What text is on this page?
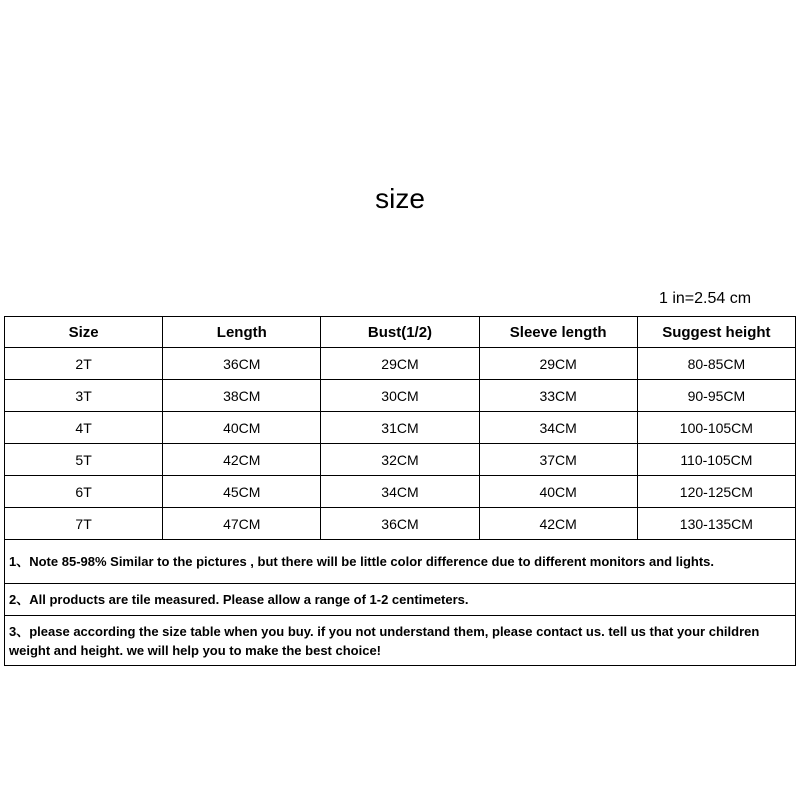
size
1 in=2.54 cm
Size	Length	Bust(1/2)	Sleeve length	Suggest height
2T	36CM	29CM	29CM	80-85CM
3T	38CM	30CM	33CM	90-95CM
4T	40CM	31CM	34CM	100-105CM
5T	42CM	32CM	37CM	110-105CM
6T	45CM	34CM	40CM	120-125CM
7T	47CM	36CM	42CM	130-135CM
1、Note 85-98% Similar to the pictures , but there will be little color difference due to different monitors and lights.				
2、All products are tile measured. Please allow a range of 1-2 centimeters.				
3、please according the size table when you buy. if you not understand them, please contact us. tell us that your children weight and height. we will help you to make the best choice!				
